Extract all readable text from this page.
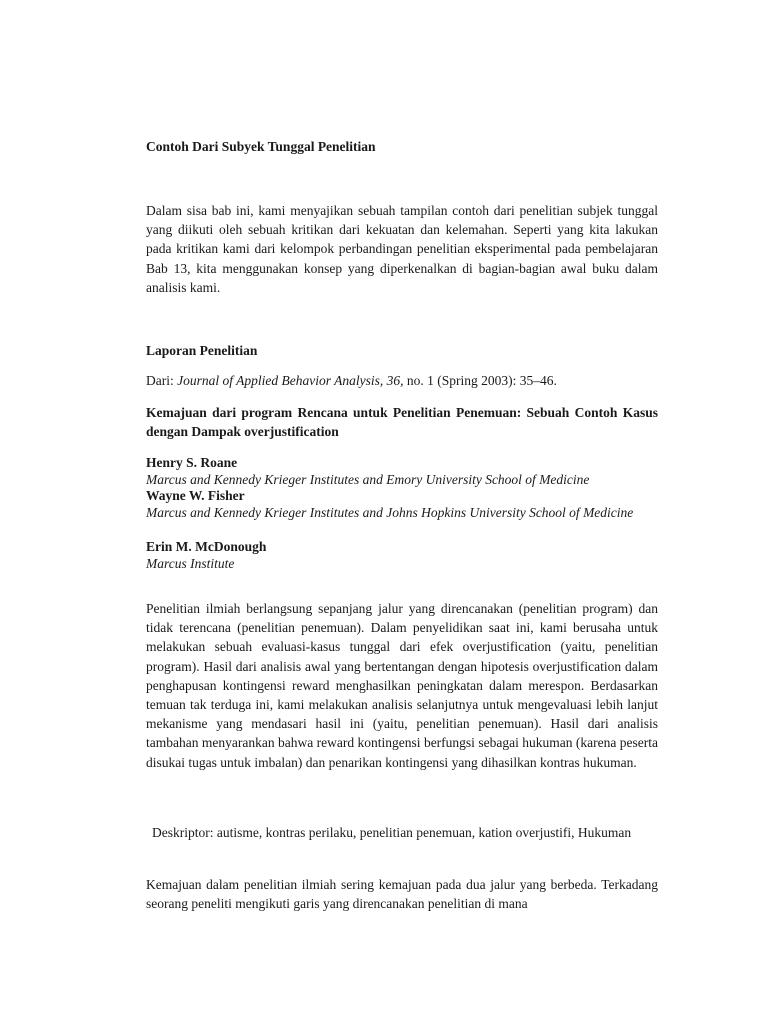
Contoh Dari Subyek Tunggal Penelitian

Dalam sisa bab ini, kami menyajikan sebuah tampilan contoh dari penelitian subjek tunggal yang diikuti oleh sebuah kritikan dari kekuatan dan kelemahan. Seperti yang kita lakukan pada kritikan kami dari kelompok perbandingan penelitian eksperimental pada pembelajaran Bab 13, kita menggunakan konsep yang diperkenalkan di bagian-bagian awal buku dalam analisis kami.

Laporan Penelitian
Dari: Journal of Applied Behavior Analysis, 36, no. 1 (Spring 2003): 35–46.
Kemajuan dari program Rencana untuk Penelitian Penemuan: Sebuah Contoh Kasus dengan Dampak overjustification
Henry S. Roane
Marcus and Kennedy Krieger Institutes and Emory University School of Medicine
Wayne W. Fisher
Marcus and Kennedy Krieger Institutes and Johns Hopkins University School of Medicine
Erin M. McDonough
Marcus Institute

Penelitian ilmiah berlangsung sepanjang jalur yang direncanakan (penelitian program) dan tidak terencana (penelitian penemuan). Dalam penyelidikan saat ini, kami berusaha untuk melakukan sebuah evaluasi-kasus tunggal dari efek overjustification (yaitu, penelitian program). Hasil dari analisis awal yang bertentangan dengan hipotesis overjustification dalam penghapusan kontingensi reward menghasilkan peningkatan dalam merespon. Berdasarkan temuan tak terduga ini, kami melakukan analisis selanjutnya untuk mengevaluasi lebih lanjut mekanisme yang mendasari hasil ini (yaitu, penelitian penemuan). Hasil dari analisis tambahan menyarankan bahwa reward kontingensi berfungsi sebagai hukuman (karena peserta disukai tugas untuk imbalan) dan penarikan kontingensi yang dihasilkan kontras hukuman.

Deskriptor: autisme, kontras perilaku, penelitian penemuan, kation overjustifi, Hukuman

Kemajuan dalam penelitian ilmiah sering kemajuan pada dua jalur yang berbeda. Terkadang seorang peneliti mengikuti garis yang direncanakan penelitian di mana
